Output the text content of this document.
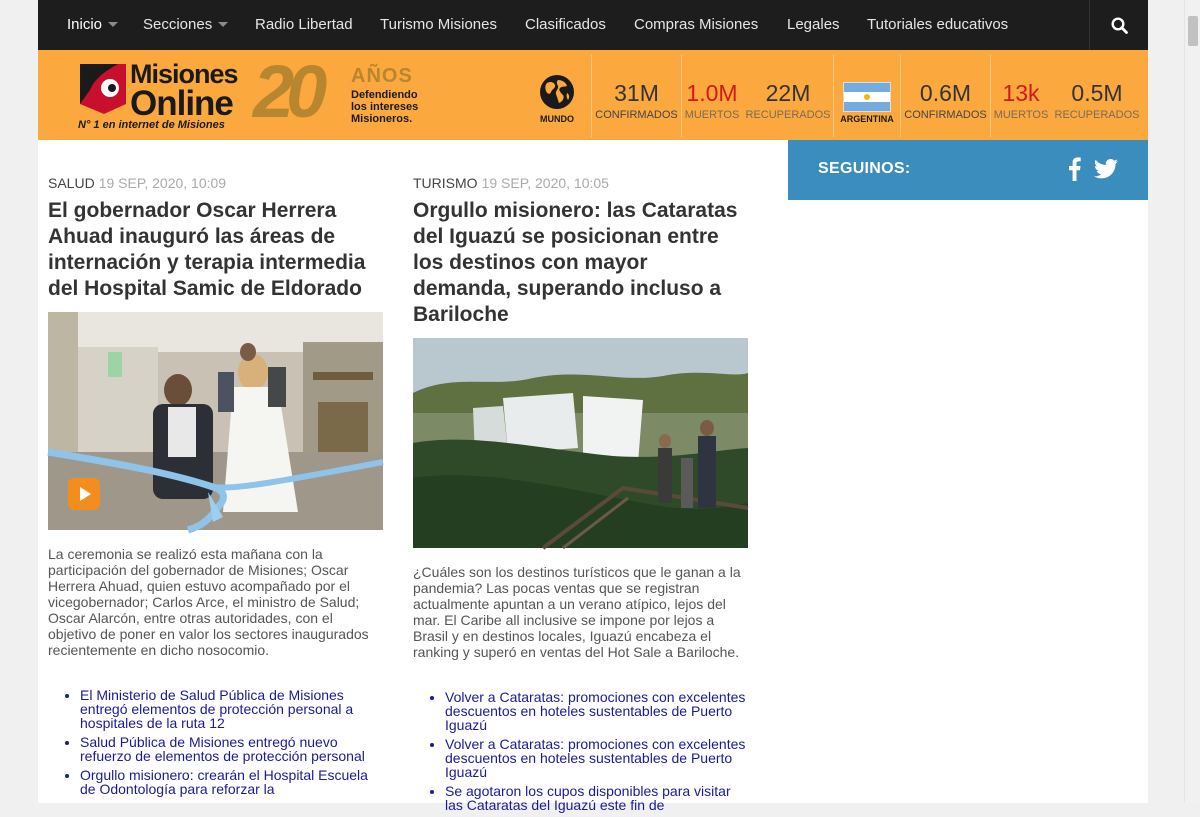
Inicio	Secciones	Radio Libertad Turismo Misiones Clasificados Compras Misiones Legales Tutoriales educativos
Misiones
Online
N° 1 en internet de Misiones 20 AÑOS
Defendiendo
los intereses
Misioneros.	MUNDO
31M
CONFIRMADOS
1.0M
MUERTOS
22M
RECUPERADOS	ARGENTINA
0.6M
CONFIRMADOS
13k
MUERTOS
0.5M
RECUPERADOS
SALUD 19 SEP, 2020, 10:09
El gobernador Oscar Herrera Ahuad inauguró las áreas de internación y terapia intermedia del Hospital Samic de Eldorado
La ceremonia se realizó esta mañana con la participación del gobernador de Misiones; Oscar Herrera Ahuad, quien estuvo acompañado por el vicegobernador; Carlos Arce, el ministro de Salud; Oscar Alarcón, entre otras autoridades, con el objetivo de poner en valor los sectores inaugurados recientemente en dicho nosocomio.
• El Ministerio de Salud Pública de Misiones entregó elementos de protección personal a hospitales de la ruta 12
• Salud Pública de Misiones entregó nuevo refuerzo de elementos de protección personal
• Orgullo misionero: crearán el Hospital Escuela de Odontología para reforzar la
TURISMO 19 SEP, 2020, 10:05
Orgullo misionero: las Cataratas del Iguazú se posicionan entre los destinos con mayor demanda, superando incluso a Bariloche
¿Cuáles son los destinos turísticos que le ganan a la pandemia? Las pocas ventas que se registran actualmente apuntan a un verano atípico, lejos del mar. El Caribe all inclusive se impone por lejos a Brasil y en destinos locales, Iguazú encabeza el ranking y superó en ventas del Hot Sale a Bariloche.
• Volver a Cataratas: promociones con excelentes descuentos en hoteles sustentables de Puerto Iguazú
• Volver a Cataratas: promociones con excelentes descuentos en hoteles sustentables de Puerto Iguazú
• Se agotaron los cupos disponibles para visitar las Cataratas del Iguazú este fin de
SEGUINOS:
